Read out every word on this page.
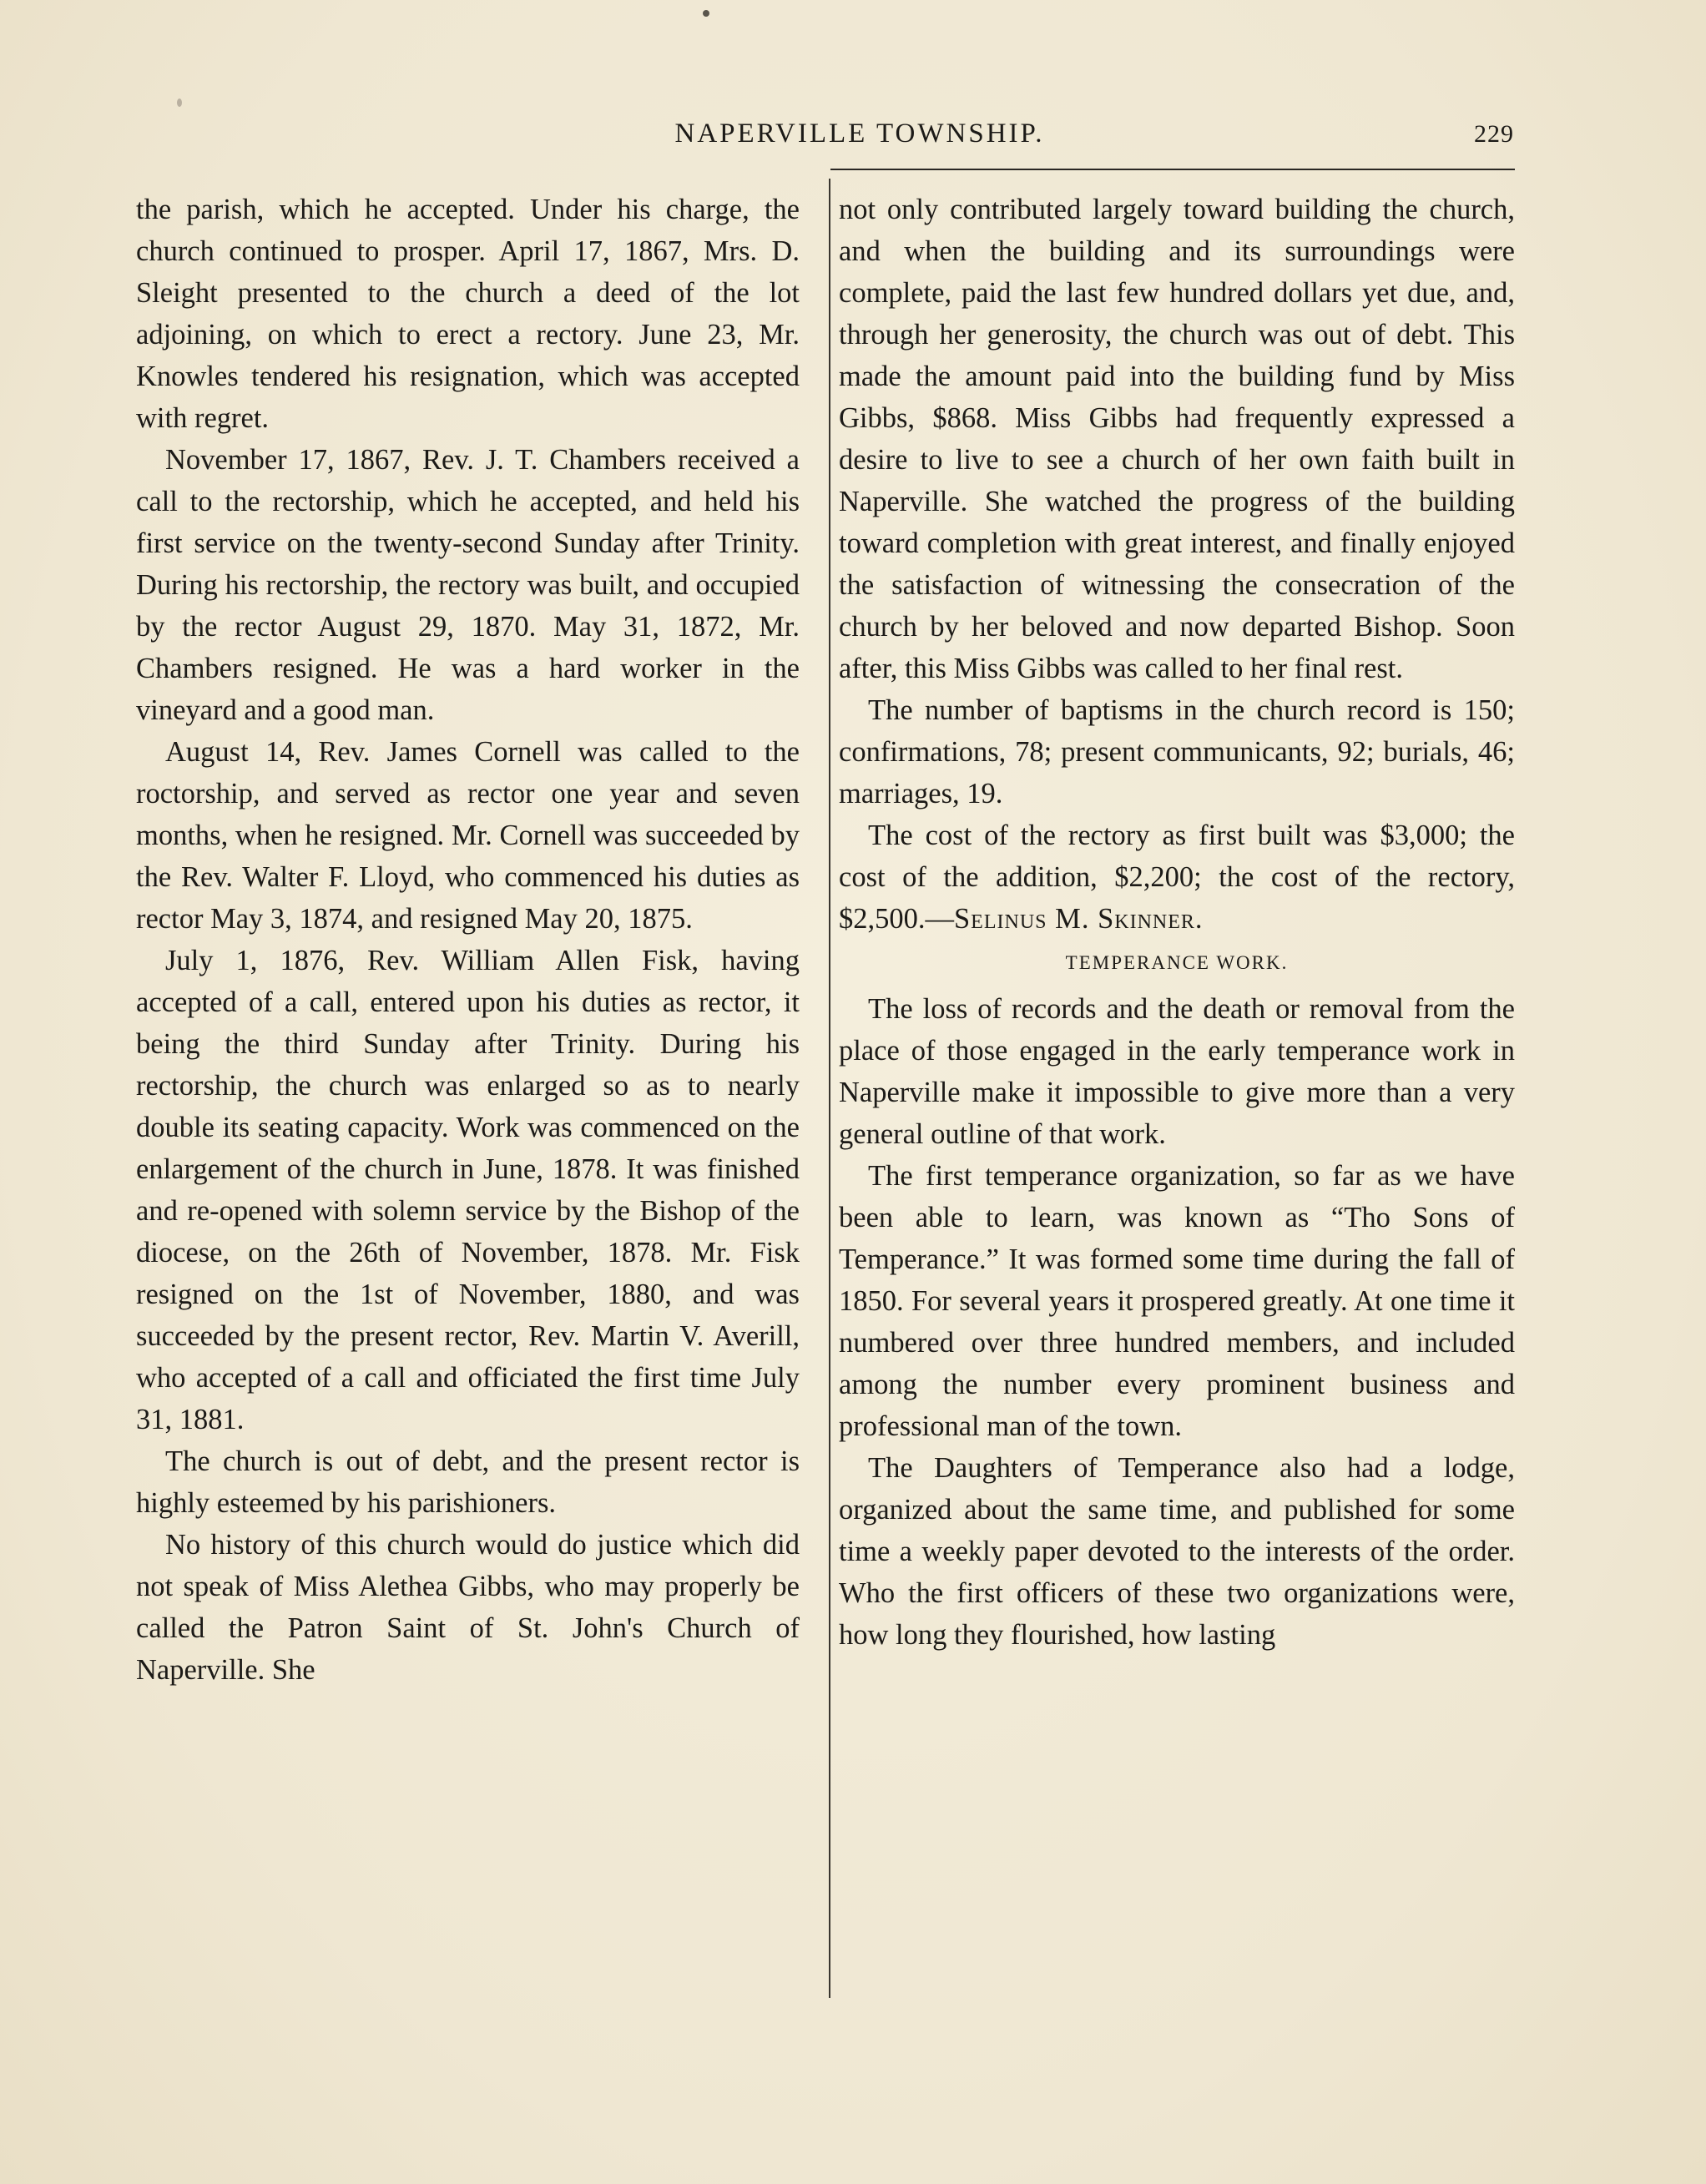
NAPERVILLE TOWNSHIP.	229

the parish, which he accepted. Under his charge, the church continued to prosper. April 17, 1867, Mrs. D. Sleight presented to the church a deed of the lot adjoining, on which to erect a rectory. June 23, Mr. Knowles tendered his resignation, which was accepted with regret.

November 17, 1867, Rev. J. T. Chambers received a call to the rectorship, which he accepted, and held his first service on the twenty-second Sunday after Trinity. During his rectorship, the rectory was built, and occupied by the rector August 29, 1870. May 31, 1872, Mr. Chambers resigned. He was a hard worker in the vineyard and a good man.

August 14, Rev. James Cornell was called to the roctorship, and served as rector one year and seven months, when he resigned. Mr. Cornell was succeeded by the Rev. Walter F. Lloyd, who commenced his duties as rector May 3, 1874, and resigned May 20, 1875.

July 1, 1876, Rev. William Allen Fisk, having accepted of a call, entered upon his duties as rector, it being the third Sunday after Trinity. During his rectorship, the church was enlarged so as to nearly double its seating capacity. Work was commenced on the enlargement of the church in June, 1878. It was finished and re-opened with solemn service by the Bishop of the diocese, on the 26th of November, 1878. Mr. Fisk resigned on the 1st of November, 1880, and was succeeded by the present rector, Rev. Martin V. Averill, who accepted of a call and officiated the first time July 31, 1881.

The church is out of debt, and the present rector is highly esteemed by his parishioners.

No history of this church would do justice which did not speak of Miss Alethea Gibbs, who may properly be called the Patron Saint of St. John's Church of Naperville. She

not only contributed largely toward building the church, and when the building and its surroundings were complete, paid the last few hundred dollars yet due, and, through her generosity, the church was out of debt. This made the amount paid into the building fund by Miss Gibbs, $868. Miss Gibbs had frequently expressed a desire to live to see a church of her own faith built in Naperville. She watched the progress of the building toward completion with great interest, and finally enjoyed the satisfaction of witnessing the consecration of the church by her beloved and now departed Bishop. Soon after, this Miss Gibbs was called to her final rest.

The number of baptisms in the church record is 150; confirmations, 78; present communicants, 92; burials, 46; marriages, 19.

The cost of the rectory as first built was $3,000; the cost of the addition, $2,200; the cost of the rectory, $2,500.—Selinus M. Skinner.

TEMPERANCE WORK.

The loss of records and the death or removal from the place of those engaged in the early temperance work in Naperville make it impossible to give more than a very general outline of that work.

The first temperance organization, so far as we have been able to learn, was known as “Tho Sons of Temperance.” It was formed some time during the fall of 1850. For several years it prospered greatly. At one time it numbered over three hundred members, and included among the number every prominent business and professional man of the town.

The Daughters of Temperance also had a lodge, organized about the same time, and published for some time a weekly paper devoted to the interests of the order. Who the first officers of these two organizations were, how long they flourished, how lasting
